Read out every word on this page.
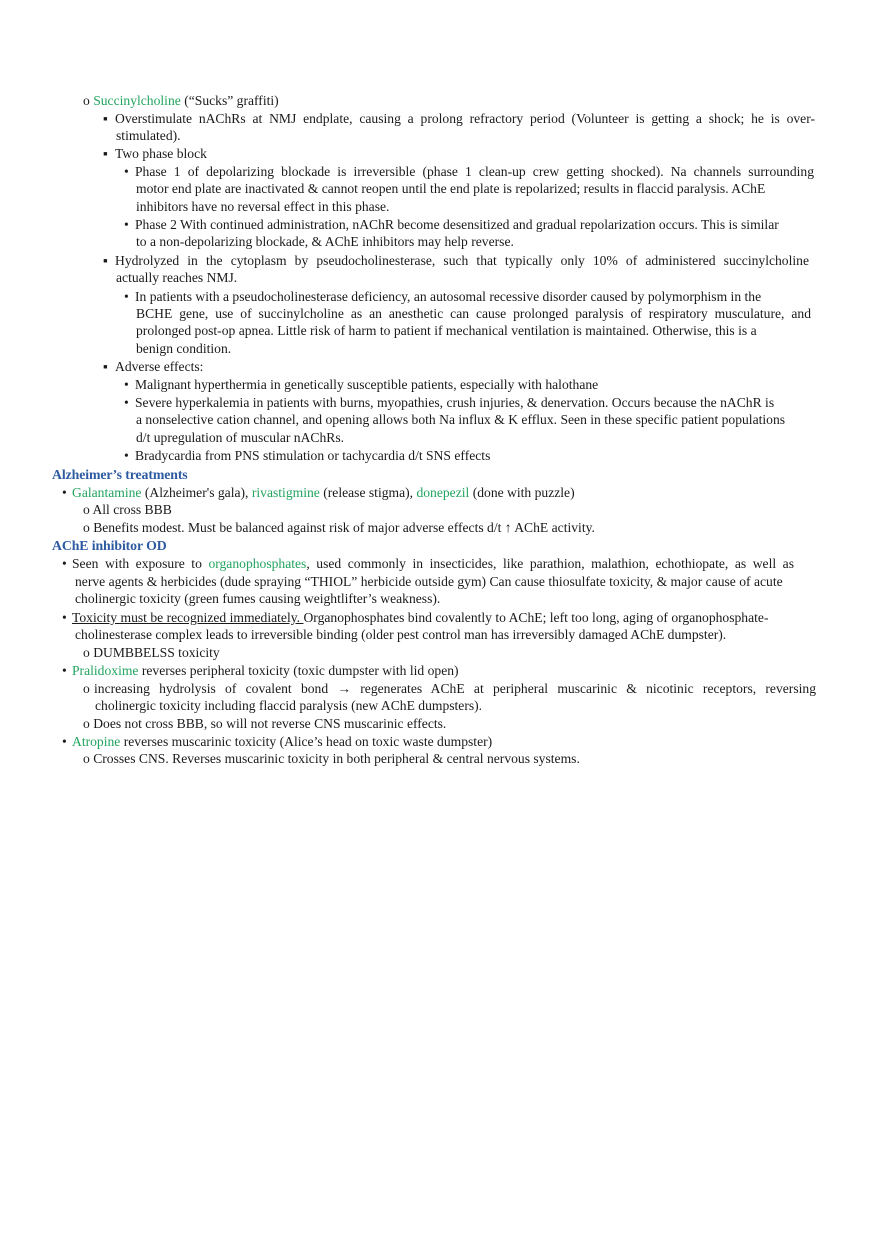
o Succinylcholine (“Sucks” graffiti)
▪ Overstimulate nAChRs at NMJ endplate, causing a prolong refractory period (Volunteer is getting a shock; he is over-
stimulated).
▪ Two phase block
• Phase 1 of depolarizing blockade is irreversible (phase 1 clean-up crew getting shocked). Na channels surrounding
motor end plate are inactivated & cannot reopen until the end plate is repolarized; results in flaccid paralysis. AChE
inhibitors have no reversal effect in this phase.
• Phase 2 With continued administration, nAChR become desensitized and gradual repolarization occurs. This is similar
to a non-depolarizing blockade, & AChE inhibitors may help reverse.
▪ Hydrolyzed in the cytoplasm by pseudocholinesterase, such that typically only 10% of administered succinylcholine
actually reaches NMJ.
• In patients with a pseudocholinesterase deficiency, an autosomal recessive disorder caused by polymorphism in the
BCHE gene, use of succinylcholine as an anesthetic can cause prolonged paralysis of respiratory musculature, and
prolonged post-op apnea. Little risk of harm to patient if mechanical ventilation is maintained. Otherwise, this is a
benign condition.
▪ Adverse effects:
• Malignant hyperthermia in genetically susceptible patients, especially with halothane
• Severe hyperkalemia in patients with burns, myopathies, crush injuries, & denervation. Occurs because the nAChR is
a nonselective cation channel, and opening allows both Na influx & K efflux. Seen in these specific patient populations
d/t upregulation of muscular nAChRs.
• Bradycardia from PNS stimulation or tachycardia d/t SNS effects
Alzheimer’s treatments
• Galantamine (Alzheimer's gala), rivastigmine (release stigma), donepezil (done with puzzle)
o All cross BBB
o Benefits modest. Must be balanced against risk of major adverse effects d/t ↑ AChE activity.
AChE inhibitor OD
• Seen with exposure to organophosphates, used commonly in insecticides, like parathion, malathion, echothiopate, as well as
nerve agents & herbicides (dude spraying “THIOL” herbicide outside gym) Can cause thiosulfate toxicity, & major cause of acute
cholinergic toxicity (green fumes causing weightlifter’s weakness).
• Toxicity must be recognized immediately. Organophosphates bind covalently to AChE; left too long, aging of organophosphate-
cholinesterase complex leads to irreversible binding (older pest control man has irreversibly damaged AChE dumpster).
o DUMBBELSS toxicity
• Pralidoxime reverses peripheral toxicity (toxic dumpster with lid open)
o increasing hydrolysis of covalent bond → regenerates AChE at peripheral muscarinic & nicotinic receptors, reversing
cholinergic toxicity including flaccid paralysis (new AChE dumpsters).
o Does not cross BBB, so will not reverse CNS muscarinic effects.
• Atropine reverses muscarinic toxicity (Alice’s head on toxic waste dumpster)
o Crosses CNS. Reverses muscarinic toxicity in both peripheral & central nervous systems.
